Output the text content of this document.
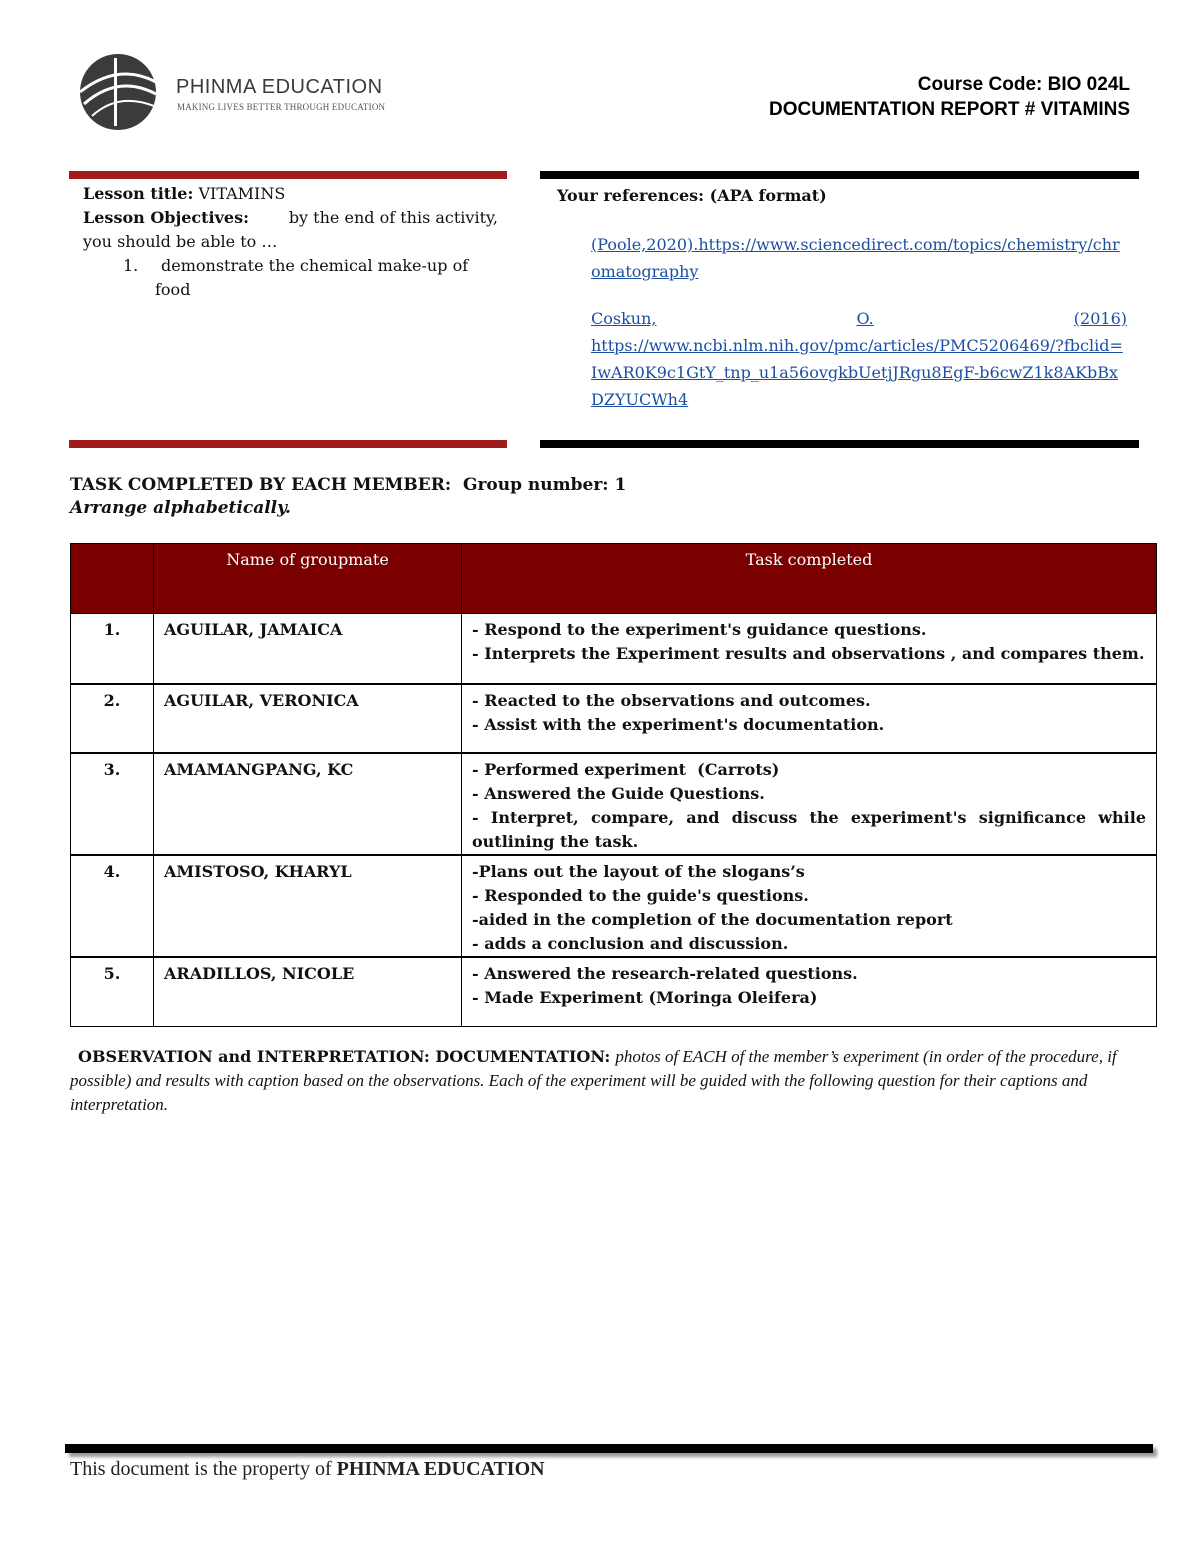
PHINMA EDUCATION
MAKING LIVES BETTER THROUGH EDUCATION
Course Code: BIO 024L
DOCUMENTATION REPORT # VITAMINS
Lesson title: VITAMINS
Lesson Objectives: by the end of this activity,
you should be able to …
1. demonstrate the chemical make-up of
food
Your references: (APA format)
(Poole,2020).https://www.sciencedirect.com/topics/chemistry/chromatography
Coskun,	O.	(2016)
https://www.ncbi.nlm.nih.gov/pmc/articles/PMC5206469/?fbclid=IwAR0K9c1GtY_tnp_u1a56ovgkbUetjJRgu8EgF-b6cwZ1k8AKbBxDZYUCWh4
TASK COMPLETED BY EACH MEMBER:  Group number: 1
Arrange alphabetically.
	Name of groupmate	Task completed
1.	AGUILAR, JAMAICA	- Respond to the experiment's guidance questions.
- Interprets the Experiment results and observations , and compares them.

2.	AGUILAR, VERONICA	- Reacted to the observations and outcomes.
- Assist with the experiment's documentation.

3.	AMAMANGPANG, KC	- Performed experiment  (Carrots)
- Answered the Guide Questions.
- Interpret, compare, and discuss the experiment's significance while outlining the task.

4.	AMISTOSO, KHARYL	-Plans out the layout of the slogans’s
- Responded to the guide's questions.
-aided in the completion of the documentation report
- adds a conclusion and discussion.

5.	ARADILLOS, NICOLE	- Answered the research-related questions.
- Made Experiment (Moringa Oleifera)
OBSERVATION and INTERPRETATION: DOCUMENTATION: photos of EACH of the member’s experiment (in order of the procedure, if possible) and results with caption based on the observations. Each of the experiment will be guided with the following question for their captions and interpretation.
This document is the property of PHINMA EDUCATION
